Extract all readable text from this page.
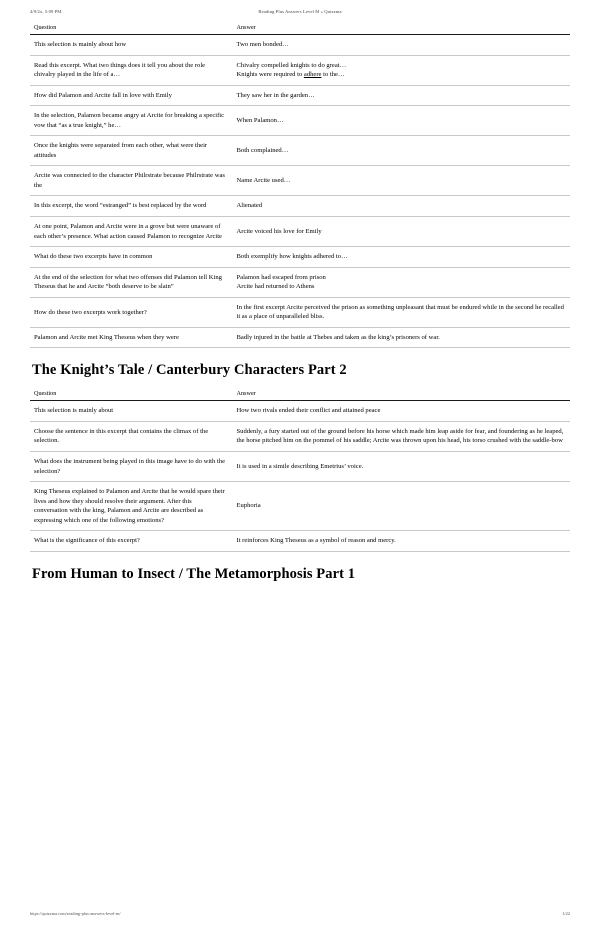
4/9/2x, 5:09 PM	Reading Plus Answers Level M » Quizzma
Question	Answer
This selection is mainly about how	Two men bonded…
Read this excerpt. What two things does it tell you about the role chivalry played in the life of a…	Chivalry compelled knights to do great…
Knights were required to adhere to the…

How did Palamon and Arcite fall in love with Emily	They saw her in the garden…
In the selection, Palamon became angry at Arcite for breaking a specific vow that “as a true knight,” he…	When Palamon…
Once the knights were separated from each other, what were their attitudes	Both complained…
Arcite was connected to the character Philrstrate because Philrstrate was the	Name Arcite used…
In this excerpt, the word “estranged” is best replaced by the word	Alienated
At one point, Palamon and Arcite were in a grove but were unaware of each other’s presence. What action caused Palamon to recognize Arcite	Arcite voiced his love for Emily
What do these two excerpts have in common	Both exemplify how knights adhered to…
At the end of the selection for what two offenses did Palamon tell King Theseus that he and Arcite “both deserve to be slain”	Palamon had escaped from prison
Arcite had returned to Athens

How do these two excerpts work together?	In the first excerpt Arcite perceived the prison as something unpleasant that must be endured while in the second he recalled it as a place of unparalleled bliss.
Palamon and Arcite met King Theseus when they were	Badly injured in the battle at Thebes and taken as the king’s prisoners of war.
The Knight’s Tale / Canterbury Characters Part 2
Question	Answer
This selection is mainly about	How two rivals ended their conflict and attained peace
Choose the sentence in this excerpt that contains the climax of the selection.	Suddenly, a fury started out of the ground before his horse which made him leap aside for fear, and foundering as he leaped, the horse pitched him on the pommel of his saddle; Arcite was thrown upon his head, his torso crushed with the saddle-bow
What does the instrument being played in this image have to do with the selection?	It is used in a simile describing Emetrius’ voice.
King Theseus explained to Palamon and Arcite that he would spare their lives and how they should resolve their argument. After this conversation with the king, Palamon and Arcite are described as expressing which one of the following emotions?	Euphoria
What is the significance of this excerpt?	It reinforces King Theseus as a symbol of reason and mercy.
From Human to Insect / The Metamorphosis Part 1
https://quizzma.com/reading-plus-answers-level-m/	1/22
